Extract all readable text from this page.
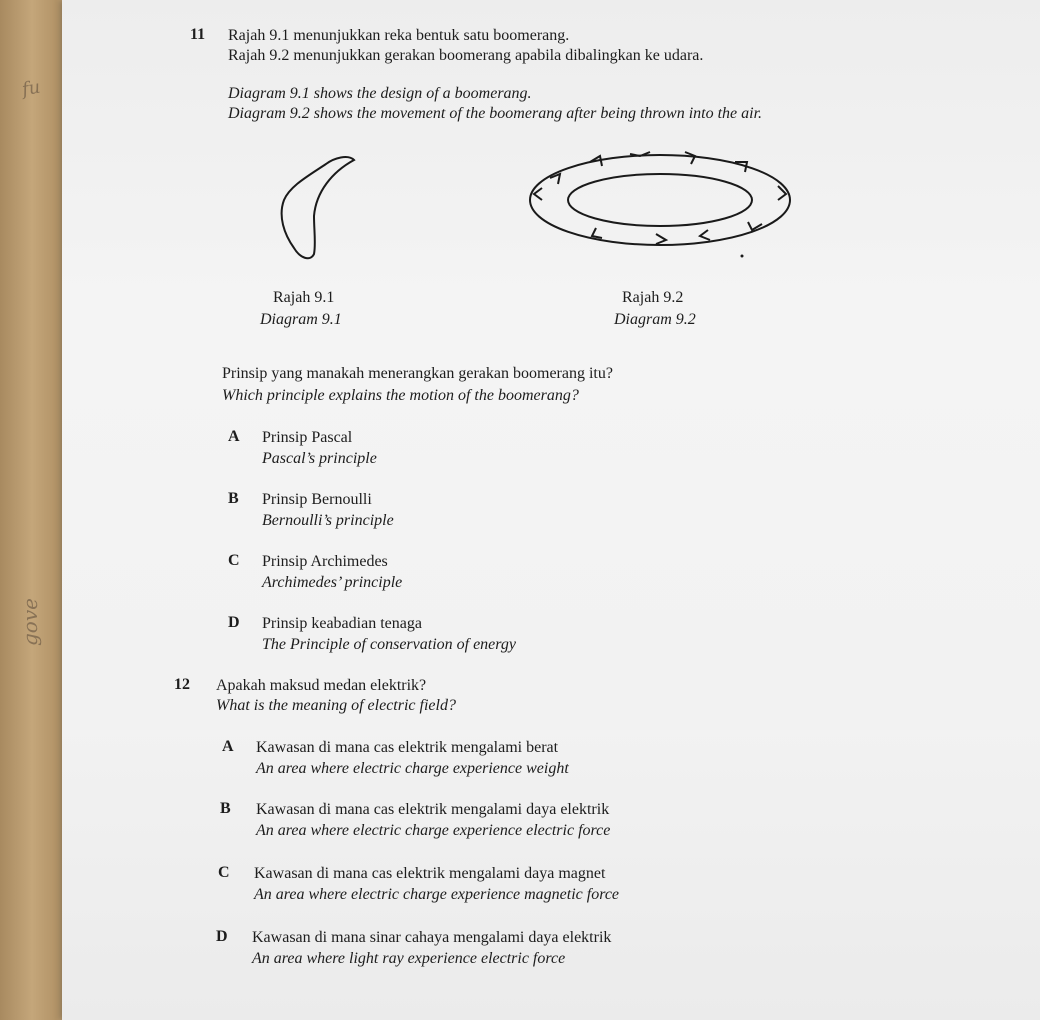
fu
gove
11 Rajah 9.1 menunjukkan reka bentuk satu boomerang.
Rajah 9.2 menunjukkan gerakan boomerang apabila dibalingkan ke udara.
Diagram 9.1 shows the design of a boomerang.
Diagram 9.2 shows the movement of the boomerang after being thrown into the air.
Rajah 9.1
Diagram 9.1
Rajah 9.2
Diagram 9.2
Prinsip yang manakah menerangkan gerakan boomerang itu?
Which principle explains the motion of the boomerang?
A Prinsip Pascal
Pascal’s principle
B Prinsip Bernoulli
Bernoulli’s principle
C Prinsip Archimedes
Archimedes’ principle
D Prinsip keabadian tenaga
The Principle of conservation of energy
12 Apakah maksud medan elektrik?
What is the meaning of electric field?
A Kawasan di mana cas elektrik mengalami berat
An area where electric charge experience weight
B Kawasan di mana cas elektrik mengalami daya elektrik
An area where electric charge experience electric force
C Kawasan di mana cas elektrik mengalami daya magnet
An area where electric charge experience magnetic force
D Kawasan di mana sinar cahaya mengalami daya elektrik
An area where light ray experience electric force
